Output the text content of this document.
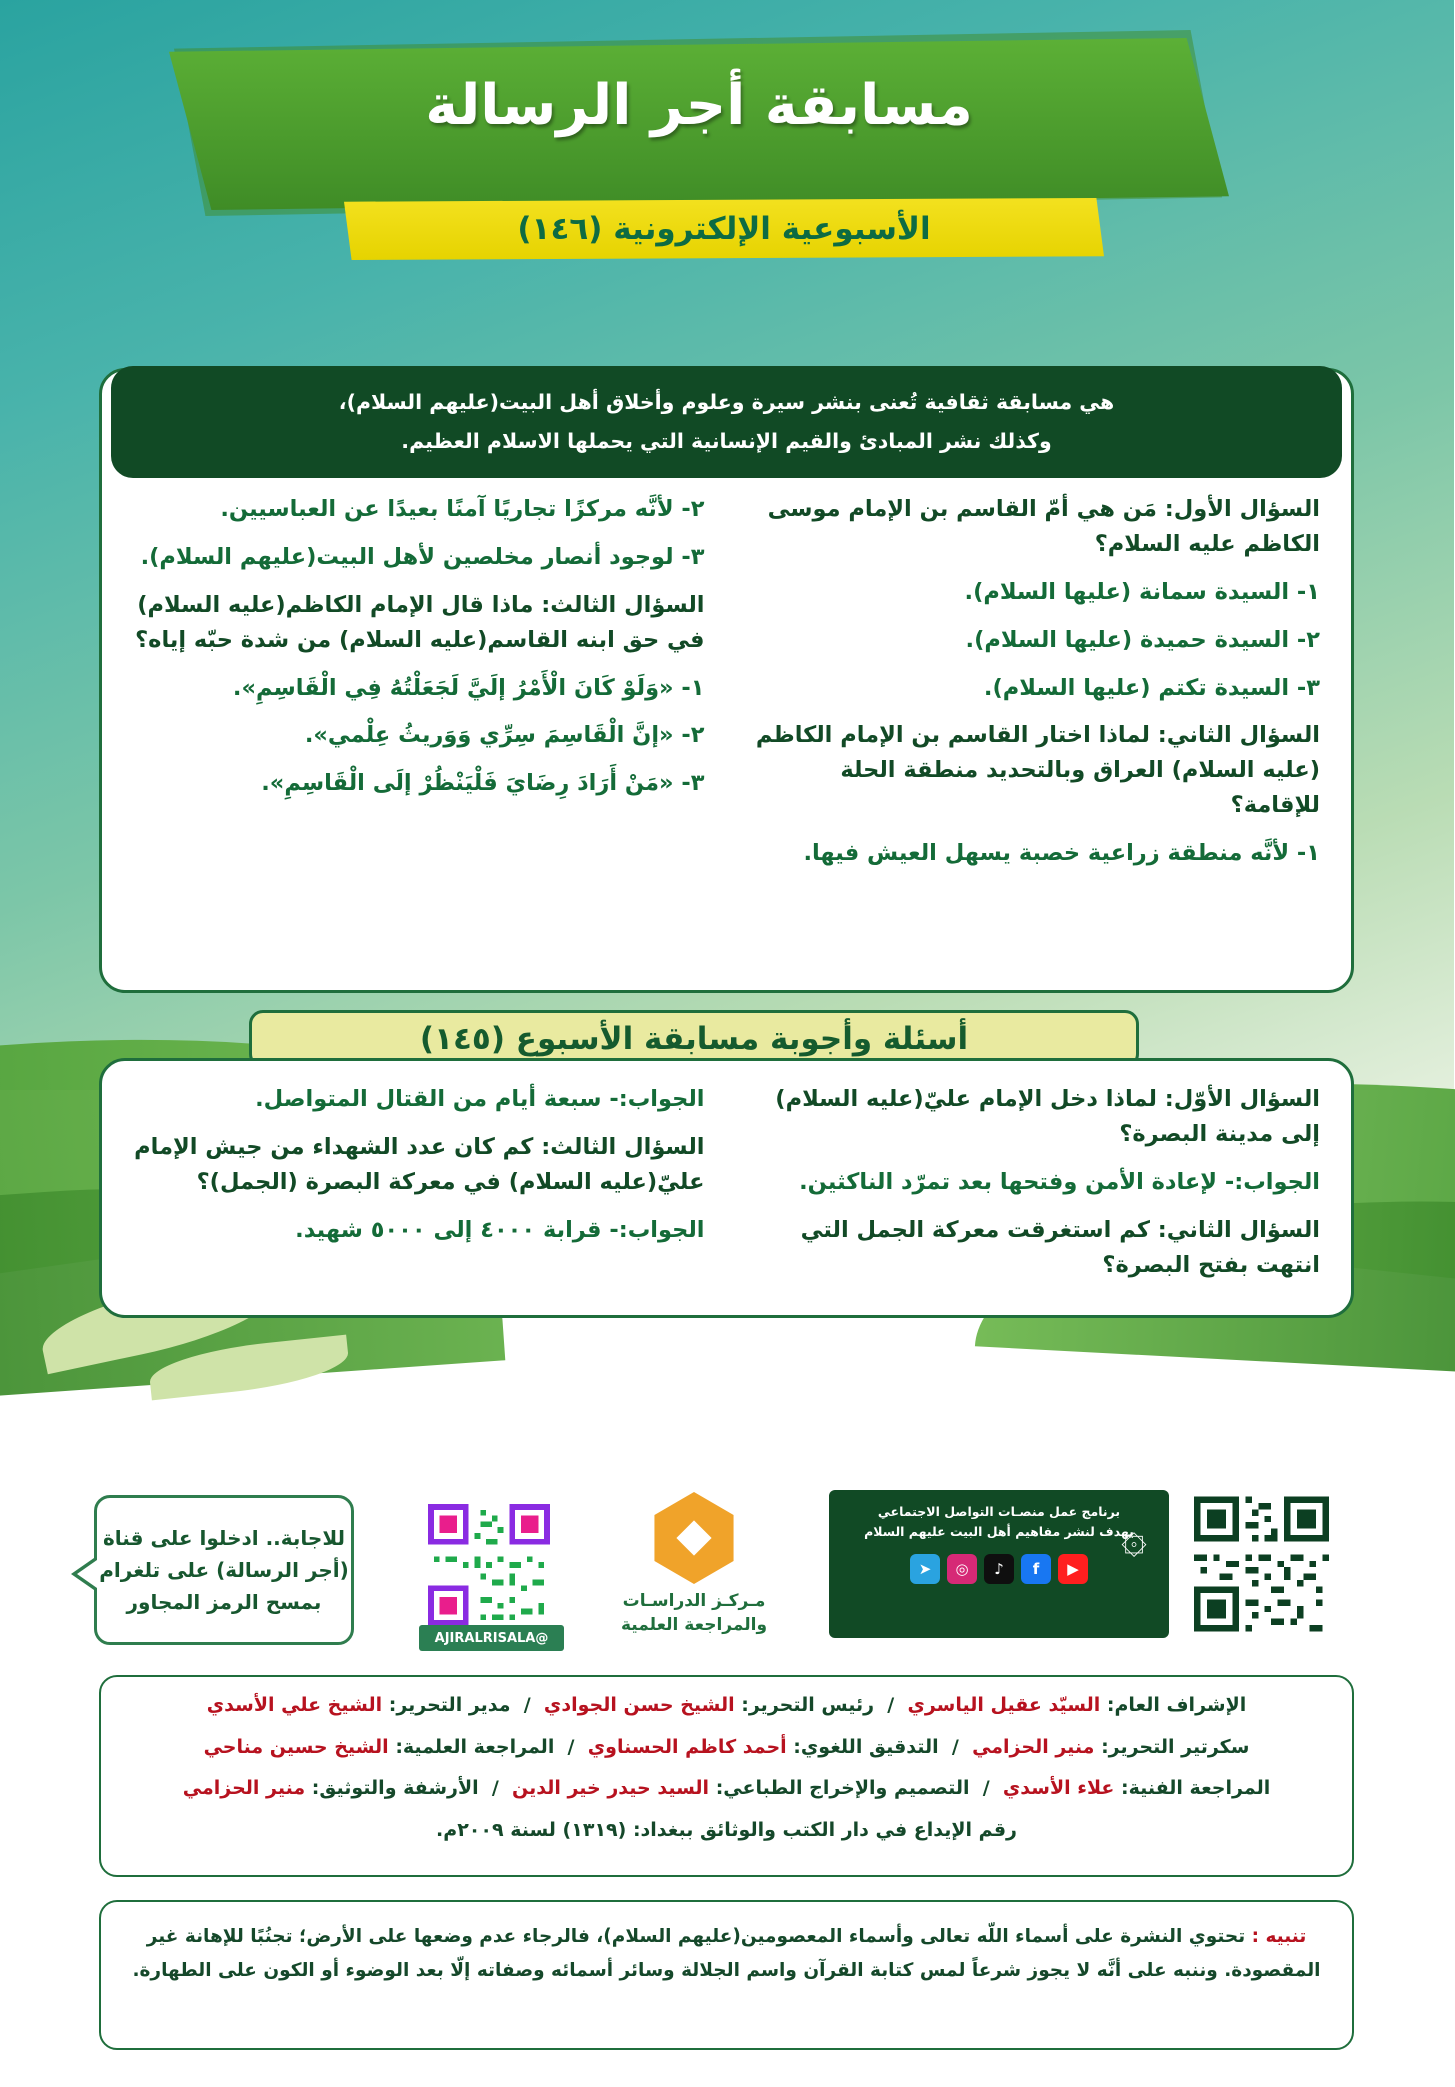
مسابقة أجر الرسالة
الأسبوعية الإلكترونية (١٤٦)
هي مسابقة ثقافية تُعنى بنشر سيرة وعلوم وأخلاق أهل البيت(عليهم السلام)،
وكذلك نشر المبادئ والقيم الإنسانية التي يحملها الاسلام العظيم.

السؤال الأول: مَن هي أمّ القاسم بن الإمام موسى الكاظم عليه السلام؟

١- السيدة سمانة (عليها السلام).

٢- السيدة حميدة (عليها السلام).

٣- السيدة تكتم (عليها السلام).

السؤال الثاني: لماذا اختار القاسم بن الإمام الكاظم (عليه السلام) العراق وبالتحديد منطقة الحلة للإقامة؟

١- لأنَّه منطقة زراعية خصبة يسهل العيش فيها.

٢- لأنَّه مركزًا تجاريًا آمنًا بعيدًا عن العباسيين.

٣- لوجود أنصار مخلصين لأهل البيت(عليهم السلام).

السؤال الثالث: ماذا قال الإمام الكاظم(عليه السلام) في حق ابنه القاسم(عليه السلام) من شدة حبّه إياه؟

١- «وَلَوْ كَانَ الْأَمْرُ إلَيَّ لَجَعَلْتُهُ فِي الْقَاسِمِ».

٢- «إنَّ الْقَاسِمَ سِرِّي وَوَريثُ عِلْمي».

٣- «مَنْ أَرَادَ رِضَايَ فَلْيَنْظُرْ إلَى الْقَاسِمِ».

أسئلة وأجوبة مسابقة الأسبوع (١٤٥)

السؤال الأوّل: لماذا دخل الإمام عليّ(عليه السلام) إلى مدينة البصرة؟

الجواب:- لإعادة الأمن وفتحها بعد تمرّد الناكثين.

السؤال الثاني: كم استغرقت معركة الجمل التي انتهت بفتح البصرة؟

الجواب:- سبعة أيام من القتال المتواصل.

السؤال الثالث: كم كان عدد الشهداء من جيش الإمام عليّ(عليه السلام) في معركة البصرة (الجمل)؟

الجواب:- قرابة ٤٠٠٠ إلى ٥٠٠٠ شهيد.

للاجابة.. ادخلوا على قناة (أجر الرسالة) على تلغرام بمسح الرمز المجاور
@AJIRALRISALA
مـركـز الدراسـات
والمراجعة العلمية
برنامج عمل منصـات التواصل الاجتماعي
يهدف لنشر مفاهيم أهل البيت عليهم السلام
▶
f
♪
◎
➤
۞

الإشراف العام: السيّد عقيل الياسري  /  رئيس التحرير: الشيخ حسن الجوادي  /  مدير التحرير: الشيخ علي الأسدي

سكرتير التحرير: منير الحزامي  /  التدقيق اللغوي: أحمد كاظم الحسناوي  /  المراجعة العلمية: الشيخ حسين مناحي

المراجعة الفنية: علاء الأسدي  /  التصميم والإخراج الطباعي: السيد حيدر خير الدين  /  الأرشفة والتوثيق: منير الحزامي

رقم الإيداع في دار الكتب والوثائق ببغداد: (١٣١٩) لسنة ٢٠٠٩م.

تنبيه : تحتوي النشرة على أسماء اللّه تعالى وأسماء المعصومين(عليهم السلام)، فالرجاء عدم وضعها على الأرض؛ تجنُبًا للإهانة غير المقصودة. وننبه على أنَّه لا يجوز شرعاً لمس كتابة القرآن واسم الجلالة وسائر أسمائه وصفاته إلّا بعد الوضوء أو الكون على الطهارة.
